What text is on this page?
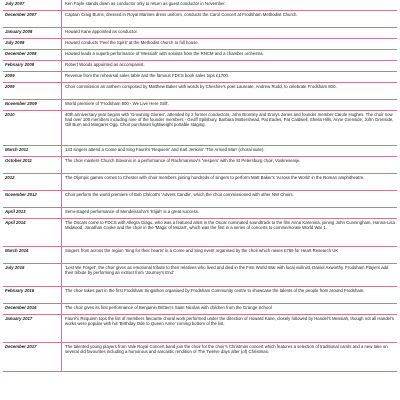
July 2007	Ken Fayle stands down as conductor only to return as guest conductor in November.
December 2007	Captain Craig Burns, dressed in Royal Marines dress uniform, conducts the Carol Concert at Frodsham Methodist Church.
January 2008	Howard Kane appointed as conductor.
July 2008	Howard conducts 'Feel the Spirit' at the Methodist church to full house.
December 2008	Howard leads a superb performance of 'Messiah' with soloists from the RNCM and a chamber orchestra.
February 2009	Robert Woods appointed as accompanist.
2009	Revenue from the rehearsal sales table and the famous FDCS book sales tops £1700.
2009	Choir commission an anthem composed by Matthew Baker with words by Cheshire's poet Laureate, Andrew Rudd, to celebrate Frodsham 800.
November 2009	World premiere of 'Frodsham 800 - We Live Here Still'.
2010	40th anniversary year begins with 'Growning Glories', attended by 2 former conductors, John Bromley and Emrys Jones and founder member Carole Hughes. The choir now had over 100 members including nine of the founder members - Geoff Spilsbury, Barbara Mottershead, Pat Eades, Pat Caldwell, Sheila Hills, Anne Grenside, John Grenside, Gill Burn and Margaret Ogg. Choir purchases lightweight portable staging.
March 2011	133 singers attend a Come and Sing Fauré's 'Requiem' and Karl Jenkins' 'The Armed Man' (choral suite).
October 2011	The choir masters Church Slavonic in a performance of Rachmaninov's 'Vespers' with the St Petersburg choir, Voskresenije.
2012	The Olympic games comes to Chester with choir members joining hundreds of singers to perform Matt Baker's 'Across the World' in the Roman amphitheatre.
November 2012	Choir perform the world premiere of Bob Chilcott's 'Advent Candle', which the choir commissioned with other NW Choirs.
April 2013	Semi-staged performance of Mendelssohn's 'Elijah' is a great success.
April 2014	The Oscars come to FDCS with Allegra Giagu, who was a featured artist in the Oscar nominated soundtrack to the film Anna Karenina, joining John Cunningham, Hanna-Lisa Midwood, Jonathan Cooke and the choir in the 'Magic of Mozart', which was the first in a series of concerts to commemorate World War 1.
March 2014	Singers from across the region 'Sing for their hearts' in a Come and Sing event organised by the choir which raises £769 for Heart Research UK
July 2015	'Lest We Forget', the choir gives an emotional tribute to their relatives who lived and died in the First World War with local violinist, Daniel Axworthy. Frodsham Players add their tribute by performing an extract from 'Journey's End'
February 2016	The choir takes part in the first Frodsham Singathon organised by Frodsham Community centre to showcase the talents of the people from around Frodsham.
December 2016	The choir gives its first performance of Benjamin Britten's Saint Nicolas with children from the Grange School
January 2017	Fauré's Requiem tops the list of members favourite choral work performed under the direction of Howard Kane, closely followed by Handel's Messiah, though not all Handel's works were popular with his 'Birthday Ode to Queen Anne' coming bottom of the list.
December 2017	The talented young players from Vale Royal Concert band join the choir for the choir's Christmas concert which features a selection of traditional carols and a new take on several old favourites including a humorous and sarcastic rendition of The Twelve days after (of) Christmas.
